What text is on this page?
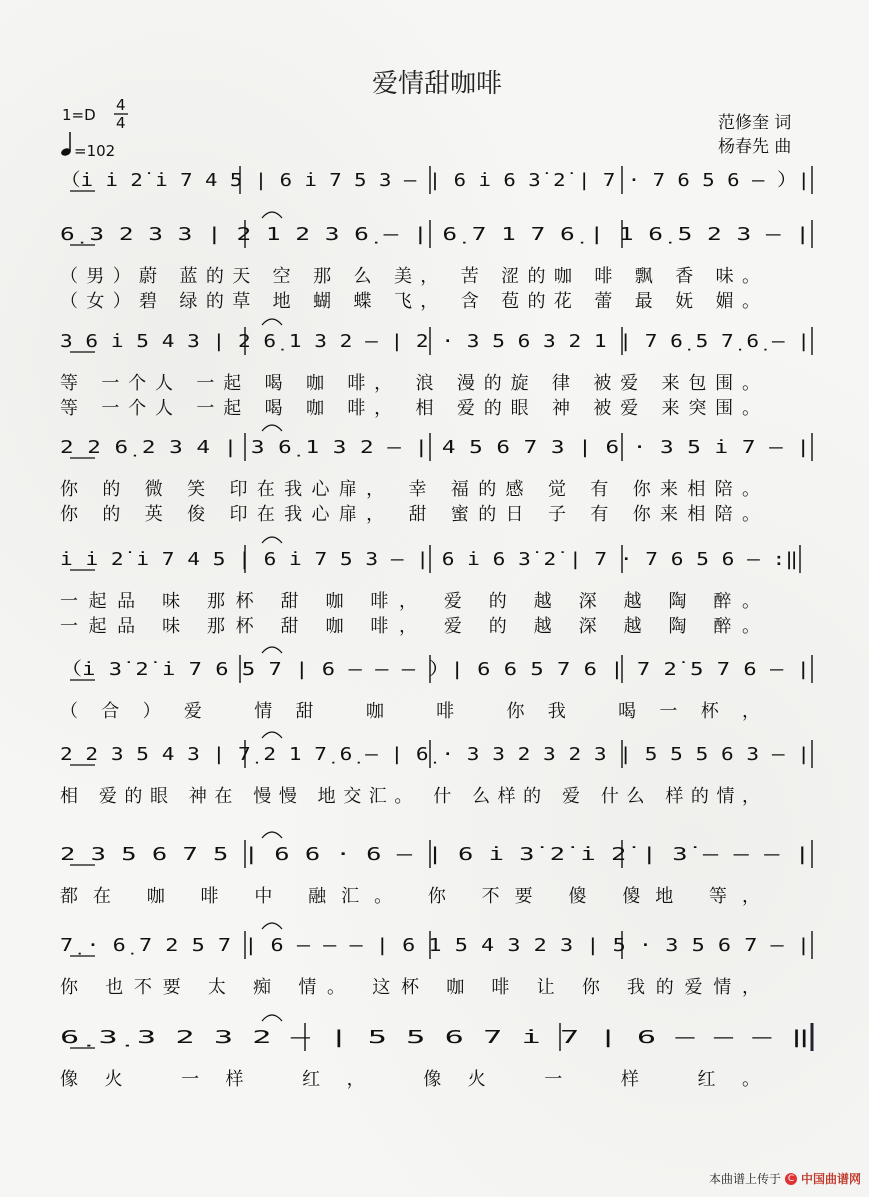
爱情甜咖啡
1=D
4
4
=102
范修奎 词
杨春先 曲
（i̇ i̇ 2̇ i̇ 7 4 5 | 6 i̇ 7 5 3 – | 6 i̇ 6 3̇ 2̇ | 7 · 7 6 5 6 – ）|
6̣ 3 2 3 3 | 2 1 2 3 6̣ – | 6̣ 7 1 7 6̣ | 1 6̣ 5 2 3 – |
（男）蔚 蓝的天 空 那 么 美， 苦 涩的咖 啡 飘 香 味。
（女）碧 绿的草 地 蝴 蝶 飞， 含 苞的花 蕾 最 妩 媚。
3 6 i̇ 5 4 3 | 2 6̣ 1 3 2 – | 2 · 3 5 6 3 2 1 | 7 6̣ 5 7̣ 6̣ – |
等 一个人 一起 喝 咖 啡， 浪 漫的旋 律 被爱 来包围。
等 一个人 一起 喝 咖 啡， 相 爱的眼 神 被爱 来突围。
2 2 6̣ 2 3 4 | 3 6̣ 1 3 2 – | 4 5 6 7 3 | 6 · 3 5 i̇ 7 – |
你 的 微 笑 印在我心扉， 幸 福的感 觉 有 你来相陪。
你 的 英 俊 印在我心扉， 甜 蜜的日 子 有 你来相陪。
i̇ i̇ 2̇ i̇ 7 4 5 | 6 i̇ 7 5 3 – | 6 i̇ 6 3̇ 2̇ | 7 · 7 6 5 6 – :‖
一起品 味 那杯 甜 咖 啡， 爱 的 越 深 越 陶 醉。
一起品 味 那杯 甜 咖 啡， 爱 的 越 深 越 陶 醉。
（i̇ 3̇ 2̇ i̇ 7 6 5 7 | 6 – – – ）| 6 6 5 7 6 | 7 2̇ 5 7 6 – |
（合）爱 情甜 咖 啡 你我 喝一杯，
2 2 3 5 4 3 | 7̣ 2 1 7̣ 6̣ – | 6̣ · 3 3 2 3 2 3 | 5 5 5 6 3 – |
相 爱的眼 神在 慢慢 地交汇。 什 么样的 爱 什么 样的情，
2 3 5 6 7 5 | 6 6 · 6 – | 6 i̇ 3̇ 2̇ i̇ 2̇ | 3̇ – – – |
都在 咖 啡 中 融汇。 你 不要 傻 傻地 等，
7̣ · 6̣ 7 2 5 7 | 6 – – – | 6 1 5 4 3 2 3 | 5 · 3 5 6 7 – |
你 也不要 太 痴 情。 这杯 咖 啡 让 你 我的爱情，
6̣ 3̣ 3 2 3 2 – | 5 5 6 7 i̇ 7 | 6 – – – ‖
像火 一样 红， 像火 一 样 红。
本曲谱上传于 C 中国曲谱网
